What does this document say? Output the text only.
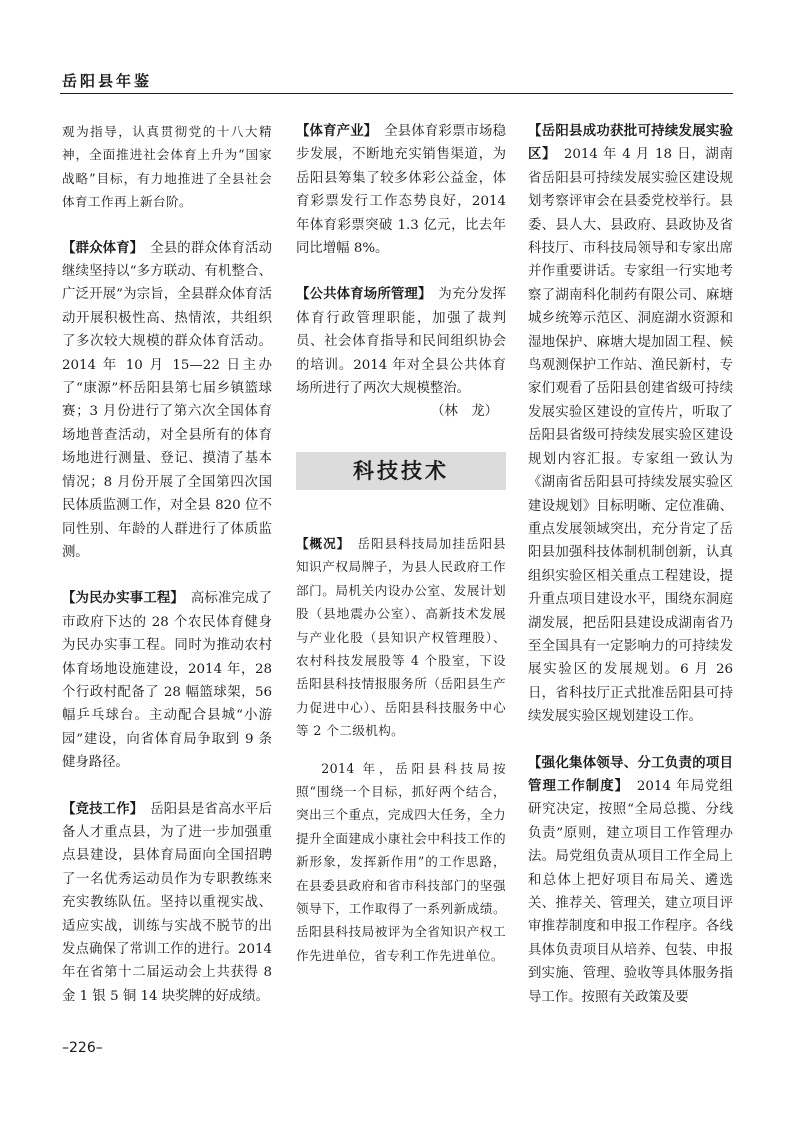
岳阳县年鉴

观为指导，认真贯彻党的十八大精神，全面推进社会体育上升为“国家战略”目标，有力地推进了全县社会体育工作再上新台阶。

【群众体育】　 全县的群众体育活动继续坚持以“多方联动、有机整合、广泛开展”为宗旨，全县群众体育活动开展积极性高、热情浓，共组织了多次较大规模的群众体育活动。2014 年 10 月 15—22 日主办了“康源”杯岳阳县第七届乡镇篮球赛；3 月份进行了第六次全国体育场地普查活动，对全县所有的体育场地进行测量、登记、摸清了基本情况；8 月份开展了全国第四次国民体质监测工作，对全县 820 位不同性别、年龄的人群进行了体质监测。

【为民办实事工程】　 高标准完成了市政府下达的 28 个农民体育健身为民办实事工程。同时为推动农村体育场地设施建设，2014 年，28 个行政村配备了 28 幅篮球架，56 幅乒乓球台。主动配合县城“小游园”建设，向省体育局争取到 9 条健身路径。

【竞技工作】　 岳阳县是省高水平后备人才重点县，为了进一步加强重点县建设，县体育局面向全国招聘了一名优秀运动员作为专职教练来充实教练队伍。坚持以重视实战、适应实战，训练与实战不脱节的出发点确保了常训工作的进行。2014 年在省第十二届运动会上共获得 8 金 1 银 5 铜 14 块奖牌的好成绩。

【体育产业】　 全县体育彩票市场稳步发展，不断地充实销售渠道，为岳阳县筹集了较多体彩公益金，体育彩票发行工作态势良好，2014 年体育彩票突破 1.3 亿元，比去年同比增幅 8%。

【公共体育场所管理】　 为充分发挥体育行政管理职能，加强了裁判员、社会体育指导和民间组织协会的培训。2014 年对全县公共体育场所进行了两次大规模整治。

（林　龙）

科技技术

【概况】　 岳阳县科技局加挂岳阳县知识产权局牌子，为县人民政府工作部门。局机关内设办公室、发展计划股（县地震办公室）、高新技术发展与产业化股（县知识产权管理股）、农村科技发展股等 4 个股室，下设岳阳县科技情报服务所（岳阳县生产力促进中心）、岳阳县科技服务中心等 2 个二级机构。

2014 年，岳阳县科技局按照“围绕一个目标，抓好两个结合，突出三个重点，完成四大任务，全力提升全面建成小康社会中科技工作的新形象，发挥新作用”的工作思路，在县委县政府和省市科技部门的坚强领导下，工作取得了一系列新成绩。岳阳县科技局被评为全省知识产权工作先进单位，省专利工作先进单位。

【岳阳县成功获批可持续发展实验区】　 2014 年 4 月 18 日，湖南省岳阳县可持续发展实验区建设规划考察评审会在县委党校举行。县委、县人大、县政府、县政协及省科技厅、市科技局领导和专家出席并作重要讲话。专家组一行实地考察了湖南科化制药有限公司、麻塘城乡统筹示范区、洞庭湖水资源和湿地保护、麻塘大堤加固工程、候鸟观测保护工作站、渔民新村，专家们观看了岳阳县创建省级可持续发展实验区建设的宣传片，听取了岳阳县省级可持续发展实验区建设规划内容汇报。专家组一致认为《湖南省岳阳县可持续发展实验区建设规划》目标明晰、定位准确、重点发展领域突出，充分肯定了岳阳县加强科技体制机制创新，认真组织实验区相关重点工程建设，提升重点项目建设水平，围绕东洞庭湖发展，把岳阳县建设成湖南省乃至全国具有一定影响力的可持续发展实验区的发展规划。6 月 26 日，省科技厅正式批准岳阳县可持续发展实验区规划建设工作。

【强化集体领导、分工负责的项目管理工作制度】　 2014 年局党组研究决定，按照“全局总揽、分线负责”原则，建立项目工作管理办法。局党组负责从项目工作全局上和总体上把好项目布局关、遴选关、推荐关、管理关，建立项目评审推荐制度和申报工作程序。各线具体负责项目从培养、包装、申报到实施、管理、验收等具体服务指导工作。按照有关政策及要

–226–
